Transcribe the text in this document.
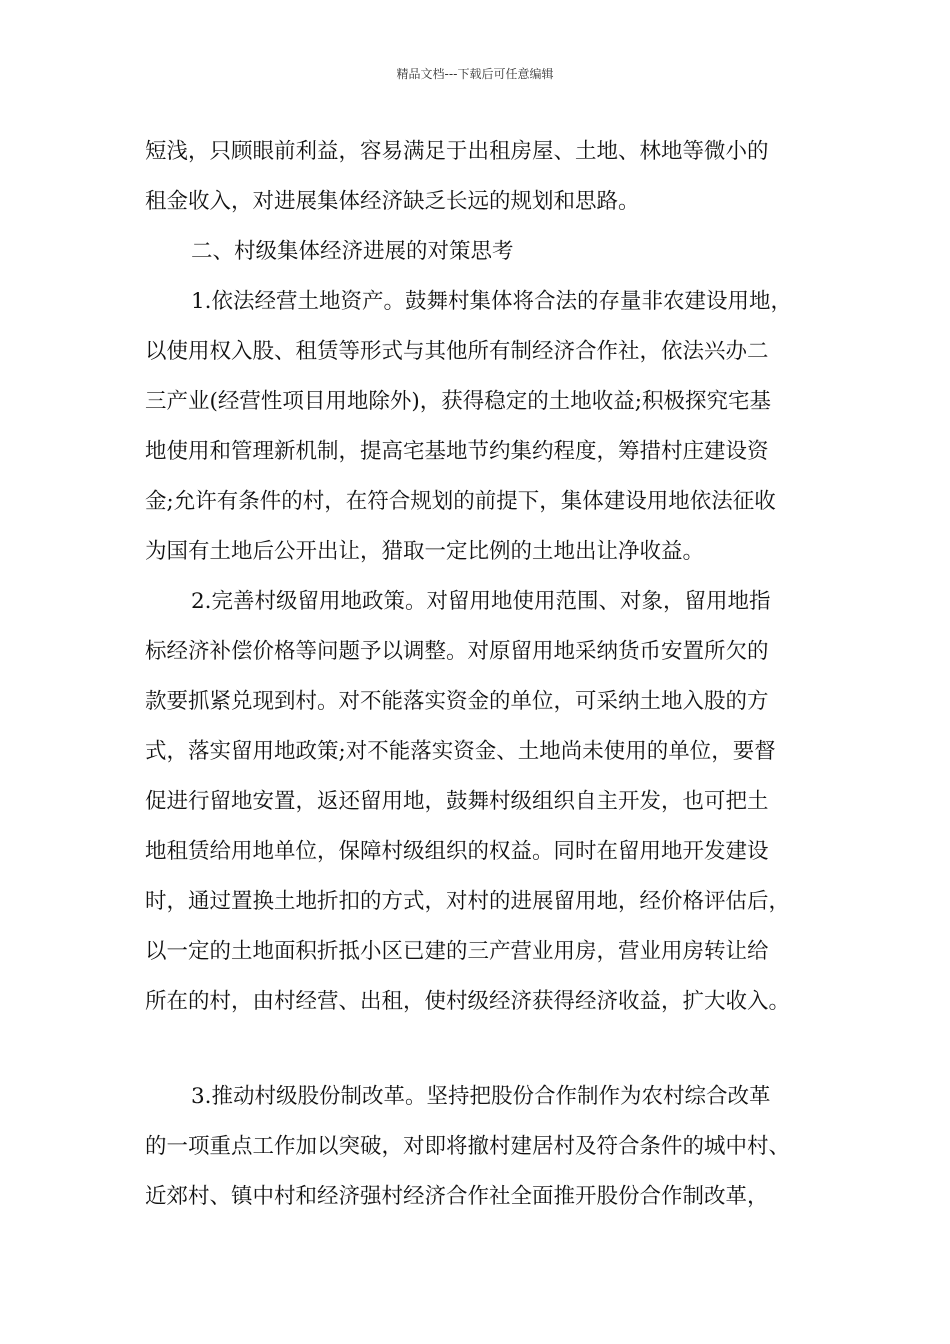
精品文档---下载后可任意编辑
短浅，只顾眼前利益，容易满足于出租房屋、土地、林地等微小的
租金收入，对进展集体经济缺乏长远的规划和思路。
二、村级集体经济进展的对策思考
1.依法经营土地资产。鼓舞村集体将合法的存量非农建设用地，
以使用权入股、租赁等形式与其他所有制经济合作社，依法兴办二
三产业(经营性项目用地除外)，获得稳定的土地收益;积极探究宅基
地使用和管理新机制，提高宅基地节约集约程度，筹措村庄建设资
金;允许有条件的村，在符合规划的前提下，集体建设用地依法征收
为国有土地后公开出让，猎取一定比例的土地出让净收益。
2.完善村级留用地政策。对留用地使用范围、对象，留用地指
标经济补偿价格等问题予以调整。对原留用地采纳货币安置所欠的
款要抓紧兑现到村。对不能落实资金的单位，可采纳土地入股的方
式，落实留用地政策;对不能落实资金、土地尚未使用的单位，要督
促进行留地安置，返还留用地，鼓舞村级组织自主开发，也可把土
地租赁给用地单位，保障村级组织的权益。同时在留用地开发建设
时，通过置换土地折扣的方式，对村的进展留用地，经价格评估后，
以一定的土地面积折抵小区已建的三产营业用房，营业用房转让给
所在的村，由村经营、出租，使村级经济获得经济收益，扩大收入。
3.推动村级股份制改革。坚持把股份合作制作为农村综合改革
的一项重点工作加以突破，对即将撤村建居村及符合条件的城中村、
近郊村、镇中村和经济强村经济合作社全面推开股份合作制改革，
